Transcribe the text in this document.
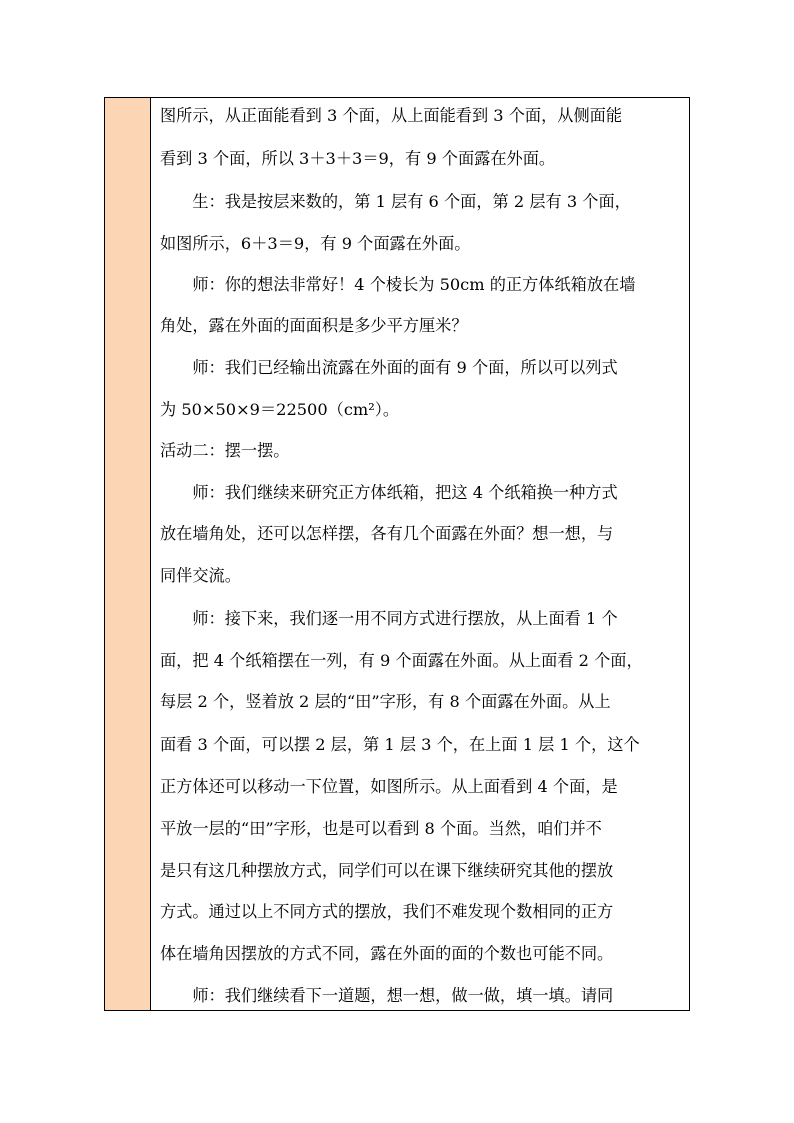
图所示，从正面能看到 3 个面，从上面能看到 3 个面，从侧面能
看到 3 个面，所以 3＋3＋3＝9，有 9 个面露在外面。
　　生：我是按层来数的，第 1 层有 6 个面，第 2 层有 3 个面，
如图所示，6＋3＝9，有 9 个面露在外面。
　　师：你的想法非常好！4 个棱长为 50cm 的正方体纸箱放在墙
角处，露在外面的面面积是多少平方厘米？
　　师：我们已经输出流露在外面的面有 9 个面，所以可以列式
为 50×50×9＝22500（cm²）。
活动二：摆一摆。
　　师：我们继续来研究正方体纸箱，把这 4 个纸箱换一种方式
放在墙角处，还可以怎样摆，各有几个面露在外面？想一想，与
同伴交流。
　　师：接下来，我们逐一用不同方式进行摆放，从上面看 1 个
面，把 4 个纸箱摆在一列，有 9 个面露在外面。从上面看 2 个面，
每层 2 个，竖着放 2 层的“田”字形，有 8 个面露在外面。从上
面看 3 个面，可以摆 2 层，第 1 层 3 个，在上面 1 层 1 个，这个
正方体还可以移动一下位置，如图所示。从上面看到 4 个面，是
平放一层的“田”字形，也是可以看到 8 个面。当然，咱们并不
是只有这几种摆放方式，同学们可以在课下继续研究其他的摆放
方式。通过以上不同方式的摆放，我们不难发现个数相同的正方
体在墙角因摆放的方式不同，露在外面的面的个数也可能不同。
　　师：我们继续看下一道题，想一想，做一做，填一填。请同
